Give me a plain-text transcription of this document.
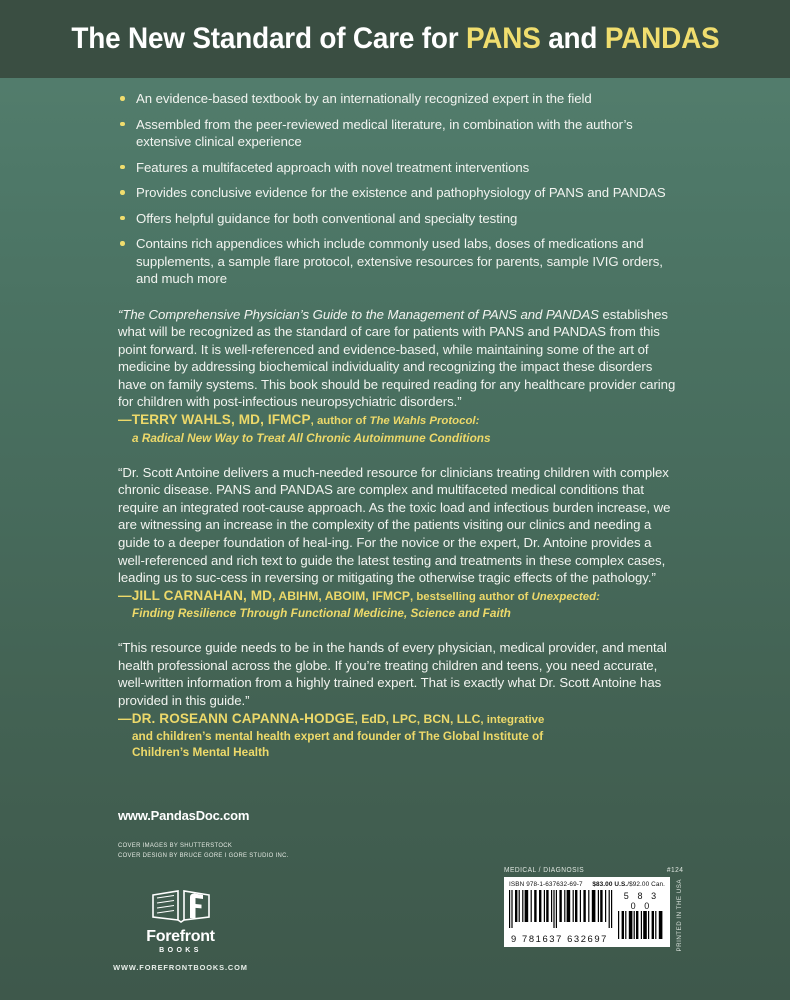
The New Standard of Care for PANS and PANDAS
An evidence-based textbook by an internationally recognized expert in the field
Assembled from the peer-reviewed medical literature, in combination with the author’s extensive clinical experience
Features a multifaceted approach with novel treatment interventions
Provides conclusive evidence for the existence and pathophysiology of PANS and PANDAS
Offers helpful guidance for both conventional and specialty testing
Contains rich appendices which include commonly used labs, doses of medications and supplements, a sample flare protocol, extensive resources for parents, sample IVIG orders, and much more
“The Comprehensive Physician’s Guide to the Management of PANS and PANDAS establishes what will be recognized as the standard of care for patients with PANS and PANDAS from this point forward. It is well-referenced and evidence-based, while maintaining some of the art of medicine by addressing biochemical individuality and recognizing the impact these disorders have on family systems. This book should be required reading for any healthcare provider caring for children with post-infectious neuropsychiatric disorders.”
—TERRY WAHLS, MD, IFMCP, author of The Wahls Protocol:
a Radical New Way to Treat All Chronic Autoimmune Conditions
“Dr. Scott Antoine delivers a much-needed resource for clinicians treating children with complex chronic disease. PANS and PANDAS are complex and multifaceted medical conditions that require an integrated root-cause approach. As the toxic load and infectious burden increase, we are witnessing an increase in the complexity of the patients visiting our clinics and needing a guide to a deeper foundation of heal-ing. For the novice or the expert, Dr. Antoine provides a well-referenced and rich text to guide the latest testing and treatments in these complex cases, leading us to suc-cess in reversing or mitigating the otherwise tragic effects of the pathology.”
—JILL CARNAHAN, MD, ABIHM, ABOIM, IFMCP, bestselling author of Unexpected:
Finding Resilience Through Functional Medicine, Science and Faith
“This resource guide needs to be in the hands of every physician, medical provider, and mental health professional across the globe. If you’re treating children and teens, you need accurate, well-written information from a highly trained expert. That is exactly what Dr. Scott Antoine has provided in this guide.”
—DR. ROSEANN CAPANNA-HODGE, EdD, LPC, BCN, LLC, integrative
and children’s mental health expert and founder of The Global Institute of
Children’s Mental Health
www.PandasDoc.com
COVER IMAGES BY SHUTTERSTOCK
COVER DESIGN BY BRUCE GORE I GORE STUDIO INC.
Forefront
BOOKS
WWW.FOREFRONTBOOKS.COM
MEDICAL / DIAGNOSIS	#124
ISBN 978-1-637632-69-7 $83.00 U.S./$92.00 Can.
9 781637 632697
5 8 3 0 0	PRINTED IN THE USA
